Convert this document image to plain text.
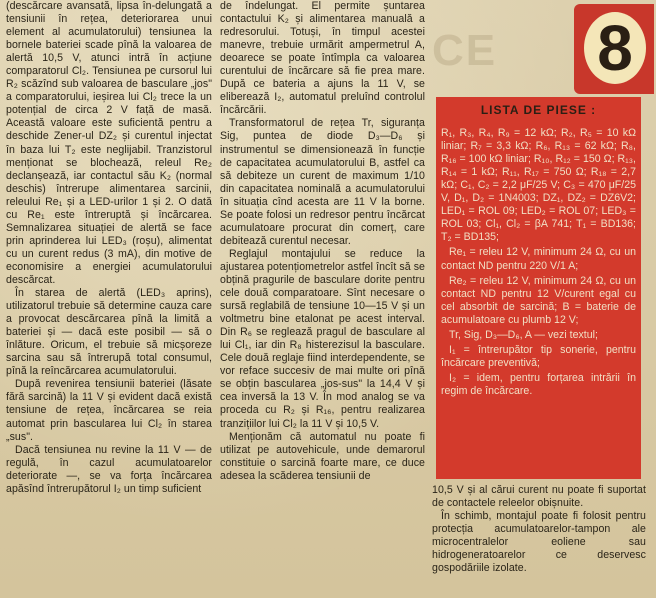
CE 8

(descărcare avansată, lipsa în-delungată a tensiunii în rețea, deteriorarea unui element al acumulatorului) tensiunea la bornele bateriei scade pînă la valoarea de alertă 10,5 V, atunci intră în acțiune comparatorul Cl₂. Tensiunea pe cursorul lui R₂ scăzînd sub valoarea de basculare „jos" a comparatorului, ieșirea lui Cl₂ trece la un potențial de circa 2 V față de masă. Această valoare este suficientă pentru a deschide Zener-ul DZ₂ și curentul injectat în baza lui T₂ este neglijabil. Tranzistorul menționat se blochează, releul Re₂ declanșează, iar contactul său K₂ (normal deschis) întrerupe alimentarea sarcinii, releului Re₁ și a LED-urilor 1 și 2. O dată cu Re₁ este întreruptă și încărcarea. Semnalizarea situației de alertă se face prin aprinderea lui LED₃ (roșu), alimentat cu un curent redus (3 mA), din motive de economisire a energiei acumulatorului descărcat.

În starea de alertă (LED₃ aprins), utilizatorul trebuie să determine cauza care a provocat descărcarea pînă la limită a bateriei și — dacă este posibil — să o înlăture. Oricum, el trebuie să micșoreze sarcina sau să întrerupă total consumul, pînă la reîncărcarea acumulatorului.

După revenirea tensiunii bateriei (lăsate fără sarcină) la 11 V și evident dacă există tensiune de rețea, încărcarea se reia automat prin bascularea lui Cl₂ în starea „sus".

Dacă tensiunea nu revine la 11 V — de regulă, în cazul acumulatoarelor deteriorate —, se va forța încărcarea apăsînd întrerupătorul I₂ un timp suficient

de îndelungat. El permite șuntarea contactului K₂ și alimentarea manuală a redresorului. Totuși, în timpul acestei manevre, trebuie urmărit ampermetrul A, deoarece se poate întîmpla ca valoarea curentului de încărcare să fie prea mare. După ce bateria a ajuns la 11 V, se eliberează I₂, automatul preluînd controlul încărcării.

Transformatorul de rețea Tr, siguranța Sig, puntea de diode D₃—D₆ și instrumentul se dimensionează în funcție de capacitatea acumulatorului B, astfel ca să debiteze un curent de maximum 1/10 din capacitatea nominală a acumulatorului în situația cînd acesta are 11 V la borne. Se poate folosi un redresor pentru încărcat acumulatoare procurat din comerț, care debitează curentul necesar.

Reglajul montajului se reduce la ajustarea potențiometrelor astfel încît să se obțină pragurile de basculare dorite pentru cele două comparatoare. Sînt necesare o sursă reglabilă de tensiune 10—15 V și un voltmetru bine etalonat pe acest interval. Din R₆ se reglează pragul de basculare al lui Cl₁, iar din R₈ histerezisul la basculare. Cele două reglaje fiind interdependente, se vor reface succesiv de mai multe ori pînă se obțin bascularea „jos-sus" la 14,4 V și cea inversă la 13 V. În mod analog se va proceda cu R₂ și R₁₆, pentru realizarea tranzițiilor lui Cl₂ la 11 V și 10,5 V.

Menționăm că automatul nu poate fi utilizat pe autovehicule, unde demarorul constituie o sarcină foarte mare, ce duce adesea la scăderea tensiunii de

LISTA DE PIESE :

R₁, R₃, R₄, R₉ = 12 kΩ; R₂, R₅ = 10 kΩ liniar; R₇ = 3,3 kΩ; R₆, R₁₃ = 62 kΩ; R₈, R₁₆ = 100 kΩ liniar; R₁₀, R₁₂ = 150 Ω; R₁₃, R₁₄ = 1 kΩ; R₁₁, R₁₇ = 750 Ω; R₁₈ = 2,7 kΩ; C₁, C₂ = 2,2 μF/25 V; C₃ = 470 μF/25 V, D₁, D₂ = 1N4003; DZ₁, DZ₂ = DZ6V2; LED₁ = ROL 09; LED₂ = ROL 07; LED₃ = ROL 03; Cl₁, Cl₂ = βA 741; T₁ = BD136; T₂ = BD135;

Re₁ = releu 12 V, minimum 24 Ω, cu un contact ND pentru 220 V/1 A;

Re₂ = releu 12 V, minimum 24 Ω, cu un contact ND pentru 12 V/curent egal cu cel absorbit de sarcină; B = baterie de acumulatoare cu plumb 12 V;

Tr, Sig, D₃—D₆, A — vezi textul;

I₁ = întrerupător tip sonerie, pentru încărcare preventivă;

I₂ = idem, pentru forțarea intrării în regim de încărcare.

10,5 V și al cărui curent nu poate fi suportat de contactele releelor obișnuite.

În schimb, montajul poate fi folosit pentru protecția acumulatoarelor-tampon ale microcentralelor eoliene sau hidrogeneratoarelor ce deservesc gospodăriile izolate.
